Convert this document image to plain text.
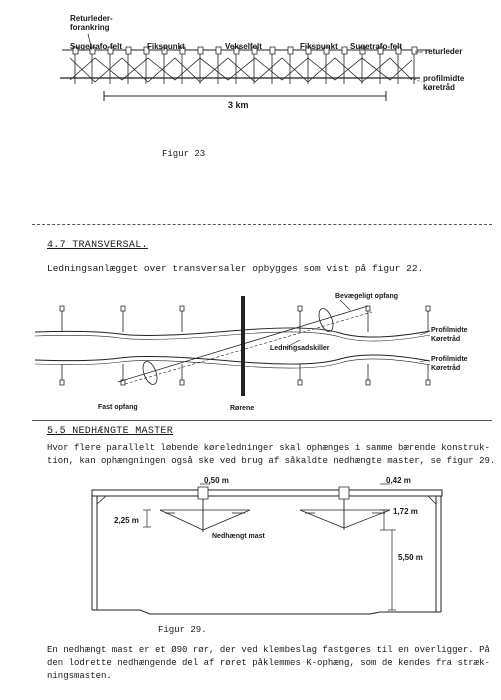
Returleder-
forankring
Sugetrafo-felt	Fikspunkt	Vekselfelt	Fikspunkt Sugetrafo-felt
returleder
profilmidte
køretråd
3 km
Figur 23
4.7 TRANSVERSAL.
Ledningsanlægget over transversaler opbygges som vist på figur 22.
Bevægeligt opfang
Profilmidte
Køretråd
Ledningsadskiller
Profilmidte
Køretråd
Fast opfang	Rørene
5.5 NEDHÆNGTE MASTER
Hvor flere parallelt løbende køreledninger skal ophænges i samme bærende konstruk-
tion, kan ophængningen også ske ved brug af såkaldte nedhængte master, se figur 29.
0,50 m	0,42 m
2,25 m
1,72 m
Nedhængt mast
5,50 m
Figur 29.
En nedhængt mast er et Ø90 rør, der ved klembeslag fastgøres til en overligger. På
den lodrette nedhængende del af røret påklemmes K-ophæng, som de kendes fra stræk-
ningsmasten.
